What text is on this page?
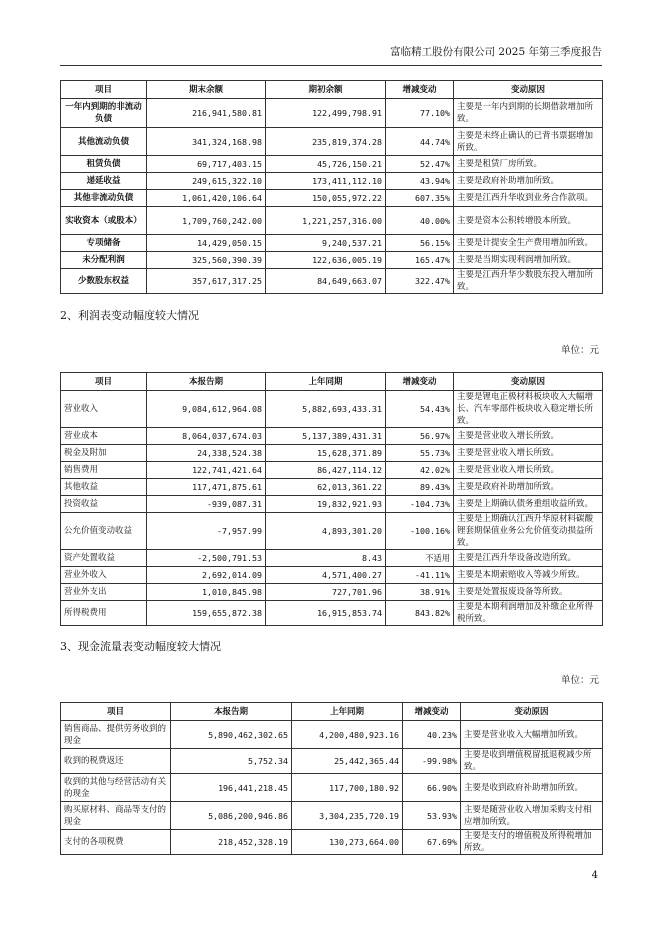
富临精工股份有限公司 2025 年第三季度报告
项目	期末余额	期初余额	增减变动	变动原因
一年内到期的非流动负债	216,941,580.81	122,499,798.91	77.10%	主要是一年内到期的长期借款增加所致。
其他流动负债	341,324,168.98	235,819,374.28	44.74%	主要是未终止确认的已背书票据增加所致。
租赁负债	69,717,403.15	45,726,150.21	52.47%	主要是租赁厂房所致。
递延收益	249,615,322.10	173,411,112.10	43.94%	主要是政府补助增加所致。
其他非流动负债	1,061,420,106.64	150,055,972.22	607.35%	主要是江西升华收到业务合作款项。
实收资本（或股本）	1,709,760,242.00	1,221,257,316.00	40.00%	主要是资本公积转增股本所致。
专项储备	14,429,050.15	9,240,537.21	56.15%	主要是计提安全生产费用增加所致。
未分配利润	325,560,390.39	122,636,005.19	165.47%	主要是当期实现利润增加所致。
少数股东权益	357,617,317.25	84,649,663.07	322.47%	主要是江西升华少数股东投入增加所致。
2、利润表变动幅度较大情况
单位：元
项目	本报告期	上年同期	增减变动	变动原因
营业收入	9,084,612,964.08	5,882,693,433.31	54.43%	主要是锂电正极材料板块收入大幅增长、汽车零部件板块收入稳定增长所致。
营业成本	8,064,037,674.03	5,137,389,431.31	56.97%	主要是营业收入增长所致。
税金及附加	24,338,524.38	15,628,371.89	55.73%	主要是营业收入增长所致。
销售费用	122,741,421.64	86,427,114.12	42.02%	主要是营业收入增长所致。
其他收益	117,471,875.61	62,013,361.22	89.43%	主要是政府补助增加所致。
投资收益	-939,087.31	19,832,921.93	-104.73%	主要是上期确认债务重组收益所致。
公允价值变动收益	-7,957.99	4,893,301.20	-100.16%	主要是上期确认江西升华原材料碳酸锂套期保值业务公允价值变动损益所致。
资产处置收益	-2,500,791.53	8.43	不适用	主要是江西升华设备改造所致。
营业外收入	2,692,014.09	4,571,400.27	-41.11%	主要是本期索赔收入等减少所致。
营业外支出	1,010,845.98	727,701.96	38.91%	主要是处置报废设备等所致。
所得税费用	159,655,872.38	16,915,853.74	843.82%	主要是本期利润增加及补缴企业所得税所致。
3、现金流量表变动幅度较大情况
单位：元
项目	本报告期	上年同期	增减变动	变动原因
销售商品、提供劳务收到的现金	5,890,462,302.65	4,200,480,923.16	40.23%	主要是营业收入大幅增加所致。
收到的税费返还	5,752.34	25,442,365.44	-99.98%	主要是收到增值税留抵退税减少所致。
收到的其他与经营活动有关的现金	196,441,218.45	117,700,180.92	66.90%	主要是收到政府补助增加所致。
购买原材料、商品等支付的现金	5,086,200,946.86	3,304,235,720.19	53.93%	主要是随营业收入增加采购支付相应增加所致。
支付的各项税费	218,452,328.19	130,273,664.00	67.69%	主要是支付的增值税及所得税增加所致。
4
